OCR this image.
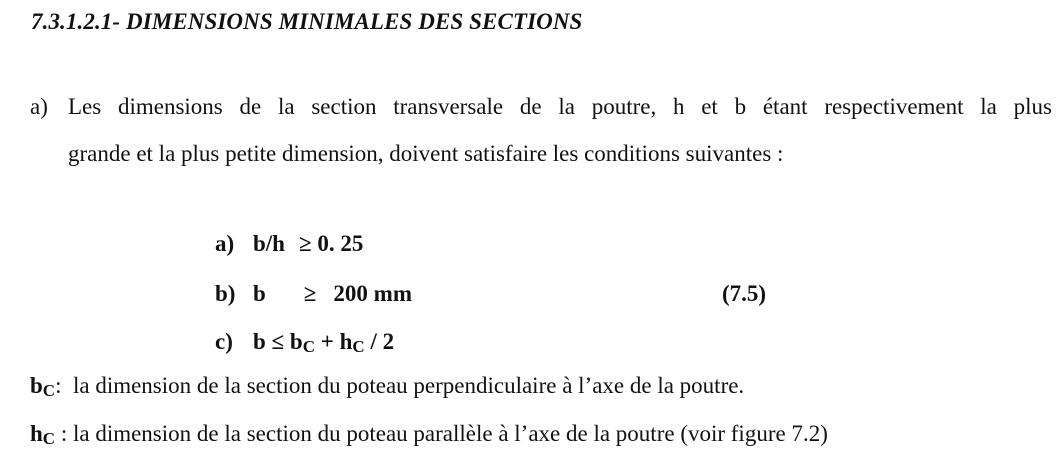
7.3.1.2.1- DIMENSIONS MINIMALES DES SECTIONS
a) Les dimensions de la section transversale de la poutre, h et b étant respectivement la plus
grande et la plus petite dimension, doivent satisfaire les conditions suivantes :
a) b/h ≥ 0. 25
b) b ≥ 200 mm	(7.5)
c) b ≤ bC + hC / 2
bC:  la dimension de la section du poteau perpendiculaire à l’axe de la poutre.
hC : la dimension de la section du poteau parallèle à l’axe de la poutre (voir figure 7.2)
